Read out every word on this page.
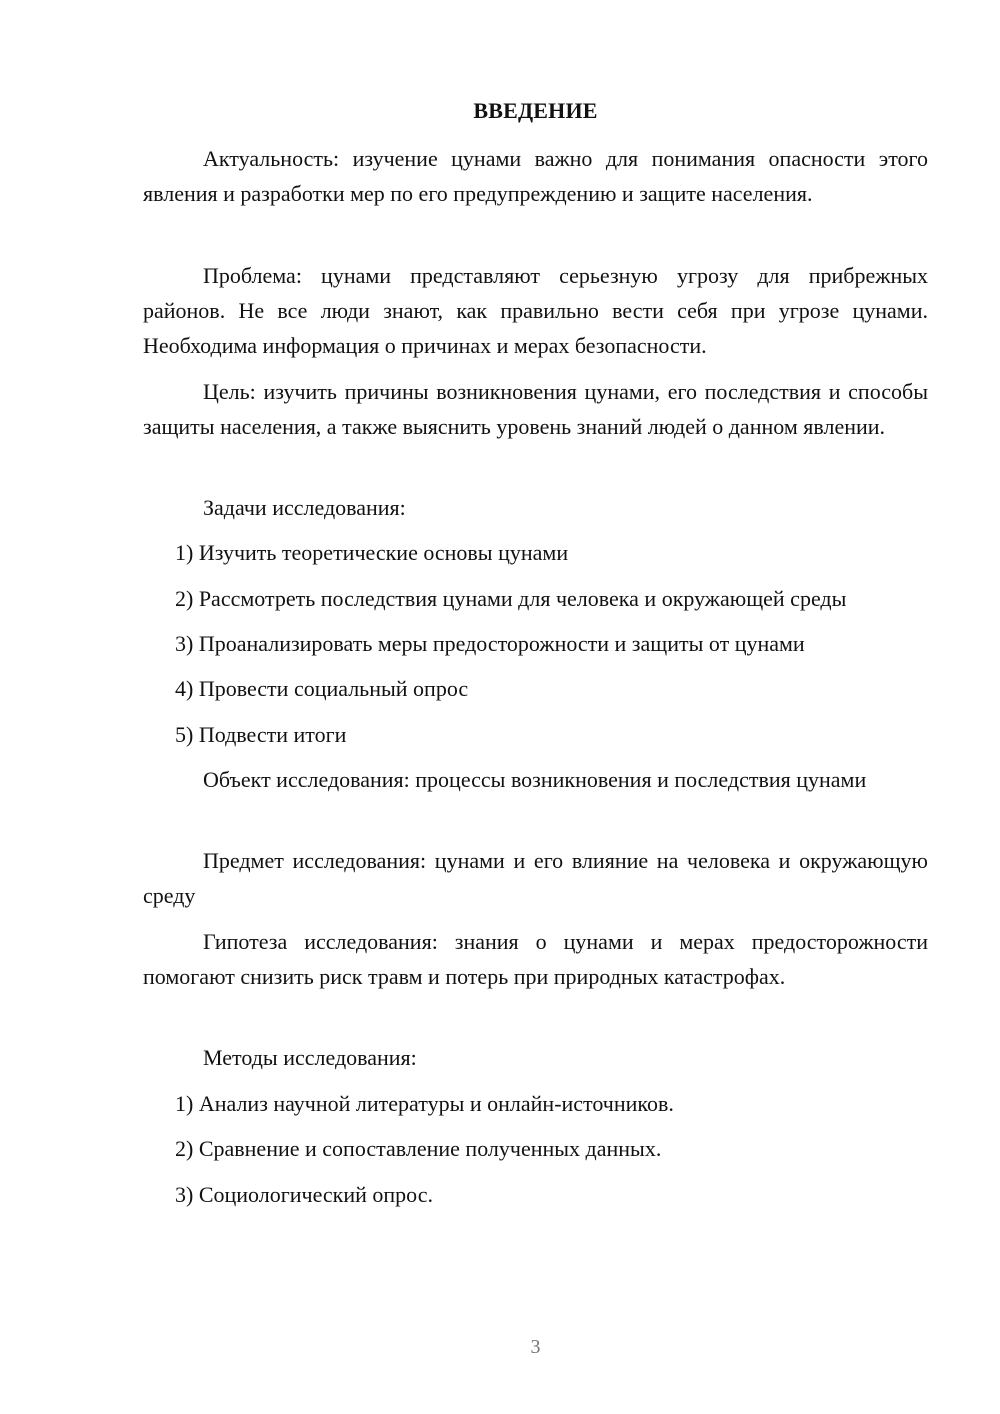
ВВЕДЕНИЕ

Актуальность: изучение цунами важно для понимания опасности этого явления и разработки мер по его предупреждению и защите населения.

Проблема: цунами представляют серьезную угрозу для прибрежных районов. Не все люди знают, как правильно вести себя при угрозе цунами. Необходима информация о причинах и мерах безопасности.

Цель: изучить причины возникновения цунами, его последствия и способы защиты населения, а также выяснить уровень знаний людей о данном явлении.

Задачи исследования:

1) Изучить теоретические основы цунами

2) Рассмотреть последствия цунами для человека и окружающей среды

3) Проанализировать меры предосторожности и защиты от цунами

4) Провести социальный опрос

5) Подвести итоги

Объект исследования: процессы возникновения и последствия цунами

Предмет исследования: цунами и его влияние на человека и окружающую среду

Гипотеза исследования: знания о цунами и мерах предосторожности помогают снизить риск травм и потерь при природных катастрофах.

Методы исследования:

1) Анализ научной литературы и онлайн-источников.

2) Сравнение и сопоставление полученных данных.

3) Социологический опрос.

3
